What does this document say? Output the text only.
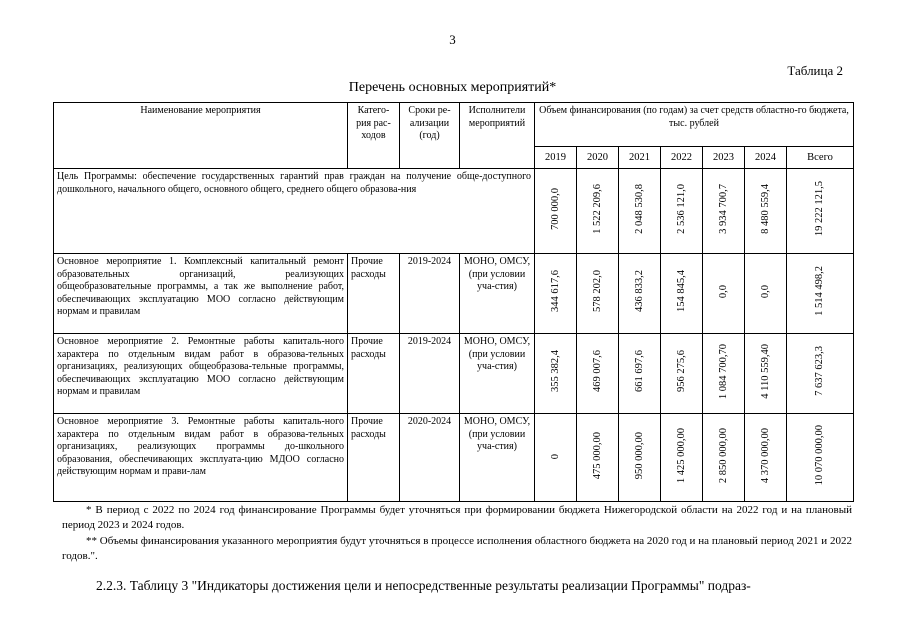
3
Таблица 2
Перечень основных мероприятий*
Наименование мероприятия	Катего-рия рас-ходов	Сроки ре-ализации (год)	Исполнители мероприятий	Объем финансирования (по годам) за счет средств областно-го бюджета, тыс. рублей						
				2019	2020	2021	2022	2023	2024	Всего
Цель Программы: обеспечение государственных гарантий прав граждан на получение обще-доступного дошкольного, начального общего, основного общего, среднего общего образова-ния				700 000,0	1 522 209,6	2 048 530,8	2 536 121,0	3 934 700,7	8 480 559,4	19 222 121,5
Основное мероприятие 1. Комплексный капитальный ремонт образовательных организаций, реализующих общеобразовательные программы, а так же выполнение работ, обеспечивающих эксплуатацию МОО согласно действующим нормам и правилам	Прочие расходы	2019-2024	МОНО, ОМСУ, (при условии уча-стия)	344 617,6	578 202,0	436 833,2	154 845,4	0,0	0,0	1 514 498,2
Основное мероприятие 2. Ремонтные работы капиталь-ного характера по отдельным видам работ в образова-тельных организациях, реализующих общеобразова-тельные программы, обеспечивающих эксплуатацию МОО согласно действующим нормам и правилам	Прочие расходы	2019-2024	МОНО, ОМСУ, (при условии уча-стия)	355 382,4	469 007,6	661 697,6	956 275,6	1 084 700,70	4 110 559,40	7 637 623,3
Основное мероприятие 3. Ремонтные работы капиталь-ного характера по отдельным видам работ в образова-тельных организациях, реализующих программы до-школьного образования, обеспечивающих эксплуата-цию МДОО согласно действующим нормам и прави-лам	Прочие расходы	2020-2024	МОНО, ОМСУ, (при условии уча-стия)	0	475 000,00	950 000,00	1 425 000,00	2 850 000,00	4 370 000,00	10 070 000,00
* В период с 2022 по 2024 год финансирование Программы будет уточняться при формировании бюджета Нижегородской области на 2022 год и на плановый период 2023 и 2024 годов.
** Объемы финансирования указанного мероприятия будут уточняться в процессе исполнения областного бюджета на 2020 год и на плановый период 2021 и 2022 годов.".
2.2.3. Таблицу 3 "Индикаторы достижения цели и непосредственные результаты реализации Программы" подраз-
